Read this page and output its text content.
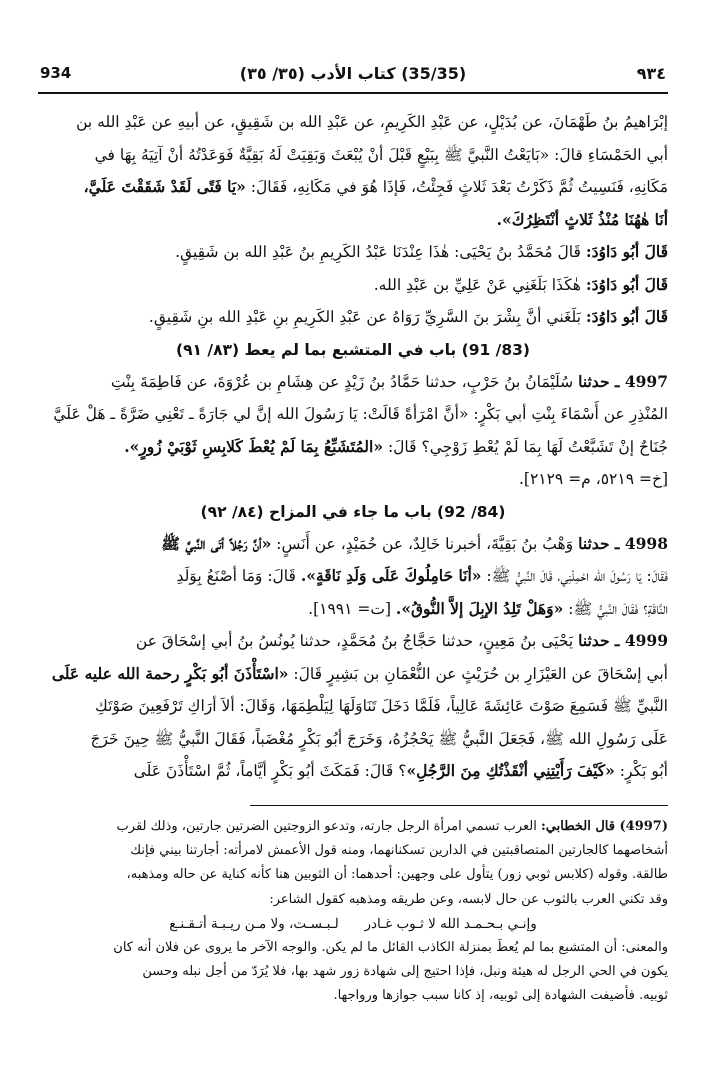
934	(35/35) كتاب الأدب (٣٥/ ٣٥)	٩٣٤

إبْرَاهيمُ بنُ طَهْمَانَ، عن بُدَيْلٍ، عن عَبْدِ الكَرِيمِ، عن عَبْدِ الله بن شَقِيقٍ، عن أبيهِ عن عَبْدِ الله بن

أبي الحَمْسَاءِ قالَ: «بَايَعْتُ النَّبيَّ ﷺ بِبَيْعٍ قَبْلَ أنْ يُبْعَثَ وَبَقِيَتْ لَهُ بَقِيَّةٌ فَوَعَدْتُهُ أنْ آتِيَهُ بِهَا في

مَكَانِهِ، فَنَسِيتُ ثُمَّ ذَكَرْتُ بَعْدَ ثَلاثٍ فَجِئْتُ، فَإذَا هُوَ في مَكَانِهِ، فَقَالَ: «يَا فَتًى لَقَدْ شَقَقْتَ عَلَيَّ،

أنَا هٰهُنَا مُنْذُ ثَلاثٍ أنْتَظِرُكَ».

قَالَ أبُو دَاوُدَ: قَالَ مُحَمَّدُ بنُ يَحْيَى: هٰذَا عِنْدَنَا عَبْدُ الكَرِيمِ بنُ عَبْدِ الله بن شَقِيقٍ.

قَالَ أبُو دَاوُدَ: هٰكَذَا بَلَغَنِي عَنْ عَلِيِّ بن عَبْدِ الله.

قَالَ أبُو دَاوُدَ: بَلَغَني أنَّ بِشْرَ بنَ السَّرِيِّ رَوَاهُ عن عَبْدِ الكَرِيمِ بنِ عَبْدِ الله بنِ شَقِيقٍ.

(83/ 91) باب في المتشبع بما لم يعط (٨٣/ ٩١)

4997 ـ حدثنا سُلَيْمَانُ بنُ حَرْبٍ، حدثنا حَمَّادُ بنُ زَيْدٍ عن هِشَامِ بن عُرْوَةَ، عن فَاطِمَةَ بِنْتِ

المُنْذِرِ عن أَسْمَاءَ بِنْتِ أبي بَكْرٍ: «أنَّ امْرَأةً قَالَتْ: يَا رَسُولَ الله إنَّ لي جَارَةً ـ تَعْنِي ضَرَّةً ـ هَلْ عَلَيَّ

جُنَاحٌ إنْ تَشَبَّعْتُ لَهَا بِمَا لَمْ يُعْطِ زَوْجِي؟ قَالَ: «المُتَشَبِّعُ بِمَا لَمْ يُعْطَ كَلابِسِ ثَوْبَيْ زُورٍ».

[خ= ٥٢١٩، م= ٢١٢٩].

(84/ 92) باب ما جاء في المزاح (٨٤/ ٩٢)

4998 ـ حدثنا وَهْبُ بنُ بَقِيَّةَ، أخبرنا خَالِدٌ، عن حُمَيْدٍ، عن أَنَسٍ: «أنَّ رَجُلاً أتَى النَّبيَّ ﷺ

فَقَالَ: يَا رَسُولَ الله احْمِلْنِي، قَالَ النَّبيُّ ﷺ: «أنَا حَامِلُوكَ عَلَى وَلَدِ نَاقَةٍ». قَالَ: وَمَا أصْنَعُ بِوَلَدِ

النَّاقَةِ؟ فَقَالَ النَّبيُّ ﷺ: «وَهَلْ تَلِدُ الإبِلَ إلاَّ النُّوقُ». [ت= ١٩٩١].

4999 ـ حدثنا يَحْيَى بنُ مَعِينٍ، حدثنا حَجَّاجُ بنُ مُحَمَّدٍ، حدثنا يُونُسُ بنُ أبي إسْحَاقَ عن

أبي إسْحَاقَ عن العَيْزَارِ بن حُرَيْثٍ عن النُّعْمَانِ بن بَشِيرٍ قَالَ: «اسْتَأْذَنَ أبُو بَكْرٍ رحمة الله عليه عَلَى

النَّبيِّ ﷺ فَسَمِعَ صَوْتَ عَائِشَةَ عَالِياً، فَلَمَّا دَخَلَ تَنَاوَلَهَا لِيَلْطِمَهَا، وَقَالَ: ألاَ أرَاكِ تَرْفَعِينَ صَوْتَكِ

عَلَى رَسُولِ الله ﷺ، فَجَعَلَ النَّبيُّ ﷺ يَحْجُزُهُ، وَخَرَجَ أبُو بَكْرٍ مُغْضَباً، فَقَالَ النَّبيُّ ﷺ حِينَ خَرَجَ

أبُو بَكْرٍ: «كَيْفَ رَأَيْتِنِي أنْقَذْتُكِ مِنَ الرَّجُلِ»؟ قَالَ: فَمَكَثَ أبُو بَكْرٍ أيَّاماً، ثُمَّ اسْتَأْذَنَ عَلَى

(4997) قال الخطابي: العرب تسمي امرأة الرجل جارته، وتدعو الزوجتين الضرتين جارتين، وذلك لقرب

أشخاصهما كالجارتين المتصاقبتين في الدارين تسكنانهما، ومنه قول الأعمش لامرأته: أجارتنا بيني فإنك

طالقة. وقوله (كلابس ثوبي زور) يتأول على وجهين: أحدهما: أن الثوبين هنا كأنه كناية عن حاله ومذهبه،

وقد تكني العرب بالثوب عن حال لابسه، وعن طريقه ومذهبه كقول الشاعر:

وإنـي بـحـمـد الله لا ثـوب غـادر      لـبـسـت، ولا مـن ريـبـة أتـقـنـع

والمعنى: أن المتشبع بما لم يُعطَ بمنزلة الكاذب القائل ما لم يكن. والوجه الآخر ما يروى عن فلان أنه كان

يكون في الحي الرجل له هيئة ونبل، فإذا احتيج إلى شهادة زور شهد بها، فلا يُرَدّ من أجل نبله وحسن

ثوبيه. فأضيفت الشهادة إلى ثوبيه، إذ كانا سبب جوازها ورواجها.
